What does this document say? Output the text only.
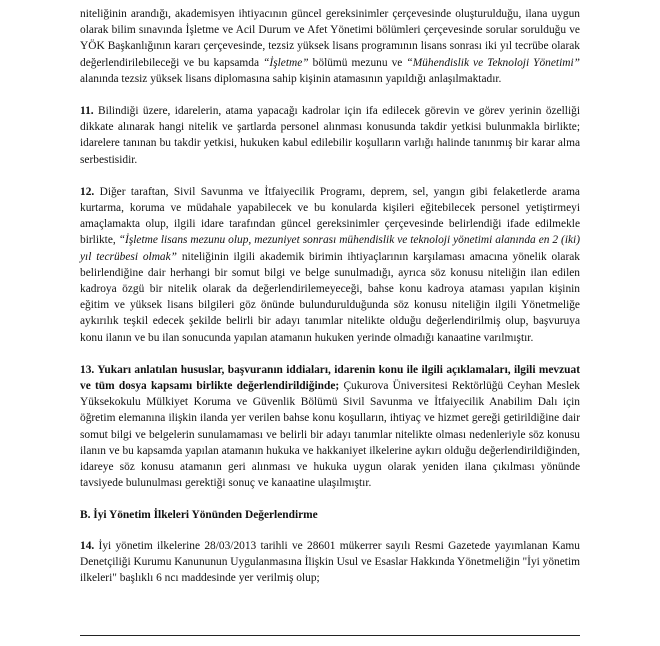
niteliğinin arandığı, akademisyen ihtiyacının güncel gereksinimler çerçevesinde oluşturulduğu, ilana uygun olarak bilim sınavında İşletme ve Acil Durum ve Afet Yönetimi bölümleri çerçevesinde sorular sorulduğu ve YÖK Başkanlığının kararı çerçevesinde, tezsiz yüksek lisans programının lisans sonrası iki yıl tecrübe olarak değerlendirilebileceği ve bu kapsamda “İşletme” bölümü mezunu ve “Mühendislik ve Teknoloji Yönetimi” alanında tezsiz yüksek lisans diplomasına sahip kişinin atamasının yapıldığı anlaşılmaktadır.

11. Bilindiği üzere, idarelerin, atama yapacağı kadrolar için ifa edilecek görevin ve görev yerinin özelliği dikkate alınarak hangi nitelik ve şartlarda personel alınması konusunda takdir yetkisi bulunmakla birlikte; idarelere tanınan bu takdir yetkisi, hukuken kabul edilebilir koşulların varlığı halinde tanınmış bir karar alma serbestisidir.

12. Diğer taraftan, Sivil Savunma ve İtfaiyecilik Programı, deprem, sel, yangın gibi felaketlerde arama kurtarma, koruma ve müdahale yapabilecek ve bu konularda kişileri eğitebilecek personel yetiştirmeyi amaçlamakta olup, ilgili idare tarafından güncel gereksinimler çerçevesinde belirlendiği ifade edilmekle birlikte, “İşletme lisans mezunu olup, mezuniyet sonrası mühendislik ve teknoloji yönetimi alanında en 2 (iki) yıl tecrübesi olmak” niteliğinin ilgili akademik birimin ihtiyaçlarının karşılaması amacına yönelik olarak belirlendiğine dair herhangi bir somut bilgi ve belge sunulmadığı, ayrıca söz konusu niteliğin ilan edilen kadroya özgü bir nitelik olarak da değerlendirilemeyeceği, bahse konu kadroya ataması yapılan kişinin eğitim ve yüksek lisans bilgileri göz önünde bulundurulduğunda söz konusu niteliğin ilgili Yönetmeliğe aykırılık teşkil edecek şekilde belirli bir adayı tanımlar nitelikte olduğu değerlendirilmiş olup, başvuruya konu ilanın ve bu ilan sonucunda yapılan atamanın hukuken yerinde olmadığı kanaatine varılmıştır.

13. Yukarı anlatılan hususlar, başvuranın iddiaları, idarenin konu ile ilgili açıklamaları, ilgili mevzuat ve tüm dosya kapsamı birlikte değerlendirildiğinde; Çukurova Üniversitesi Rektörlüğü Ceyhan Meslek Yüksekokulu Mülkiyet Koruma ve Güvenlik Bölümü Sivil Savunma ve İtfaiyecilik Anabilim Dalı için öğretim elemanına ilişkin ilanda yer verilen bahse konu koşulların, ihtiyaç ve hizmet gereği getirildiğine dair somut bilgi ve belgelerin sunulamaması ve belirli bir adayı tanımlar nitelikte olması nedenleriyle söz konusu ilanın ve bu kapsamda yapılan atamanın hukuka ve hakkaniyet ilkelerine aykırı olduğu değerlendirildiğinden, idareye söz konusu atamanın geri alınması ve hukuka uygun olarak yeniden ilana çıkılması yönünde tavsiyede bulunulması gerektiği sonuç ve kanaatine ulaşılmıştır.

B. İyi Yönetim İlkeleri Yönünden Değerlendirme

14. İyi yönetim ilkelerine 28/03/2013 tarihli ve 28601 mükerrer sayılı Resmi Gazetede yayımlanan Kamu Denetçiliği Kurumu Kanununun Uygulanmasına İlişkin Usul ve Esaslar Hakkında Yönetmeliğin "İyi yönetim ilkeleri" başlıklı 6 ncı maddesinde yer verilmiş olup;
